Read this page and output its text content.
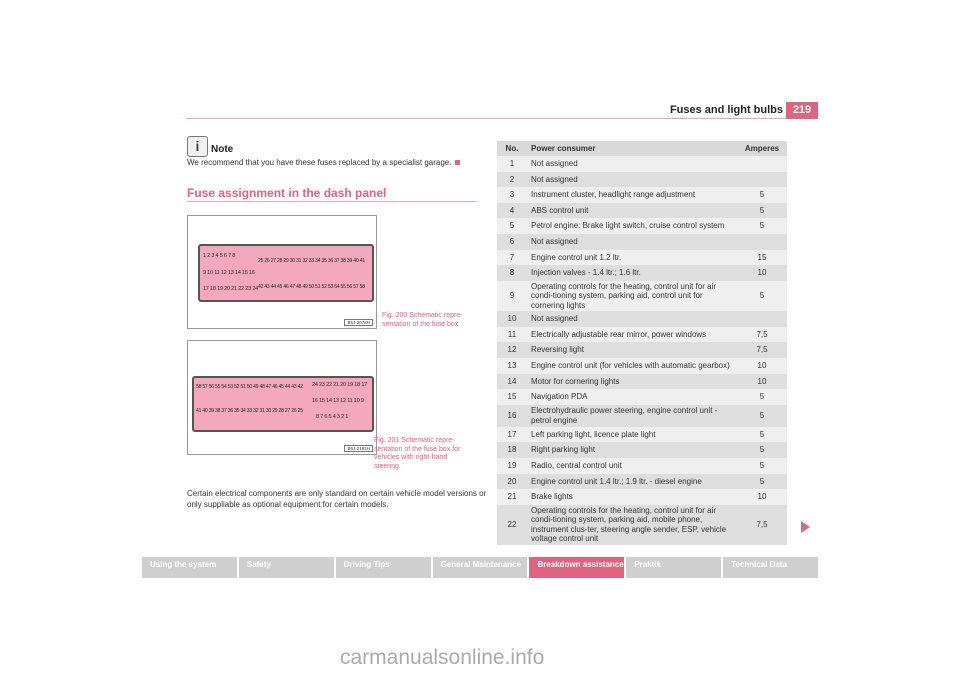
Fuses and light bulbs 219
i	Note
We recommend that you have these fuses replaced by a specialist garage.
Fuse assignment in the dash panel
1 2 3 4 5 6 7 8
9 10 11 12 13 14 15 16
17 18 19 20 21 22 23 24
25 26 27 28 29 30 31 32 33 34 35 36 37 38 39 40 41
42 43 44 45 46 47 48 49 50 51 52 53 54 55 56 57 58
B5J-2078H
Fig. 200 Schematic repre-
sentation of the fuse box
58 57 56 55 54 53 52 51 50 49 48 47 46 45 44 43 42
41 40 39 38 37 36 35 34 33 32 31 30 29 28 27 26 25
24 23 22 21 20 19 18 17
16 15 14 13 12 11 10 9
8 7 6 5 4 3 2 1
B5J-2191H
Fig. 201 Schematic repre-
sentation of the fuse box for
vehicles with right-hand
steering.
Certain electrical components are only standard on certain vehicle model versions or only suppliable as optional equipment for certain models.
No.	Power consumer	Amperes
1	Not assigned	
2	Not assigned	
3	Instrument cluster, headlight range adjustment	5
4	ABS control unit	5
5	Petrol engine: Brake light switch, cruise control system	5
6	Not assigned	
7	Engine control unit 1.2 ltr.	15
8	Injection valves - 1.4 ltr.; 1.6 ltr.	10
9	Operating controls for the heating, control unit for air condi-tioning system, parking aid, control unit for cornering lights	5
10	Not assigned	
11	Electrically adjustable rear mirror, power windows	7,5
12	Reversing light	7,5
13	Engine control unit (for vehicles with automatic gearbox)	10
14	Motor for cornering lights	10
15	Navigation PDA	5
16	Electrohydraulic power steering, engine control unit - petrol engine	5
17	Left parking light, licence plate light	5
18	Right parking light	5
19	Radio, central control unit	5
20	Engine control unit 1.4 ltr.; 1.9 ltr. - diesel engine	5
21	Brake lights	10
22	Operating controls for the heating, control unit for air condi-tioning system, parking aid, mobile phone, instrument clus-ter, steering angle sender, ESP, vehicle voltage control unit	7,5
Using the system	Safety	Driving Tips	General Maintenance	Breakdown assistance	Praktik	Technical Data
carmanualsonline.info
